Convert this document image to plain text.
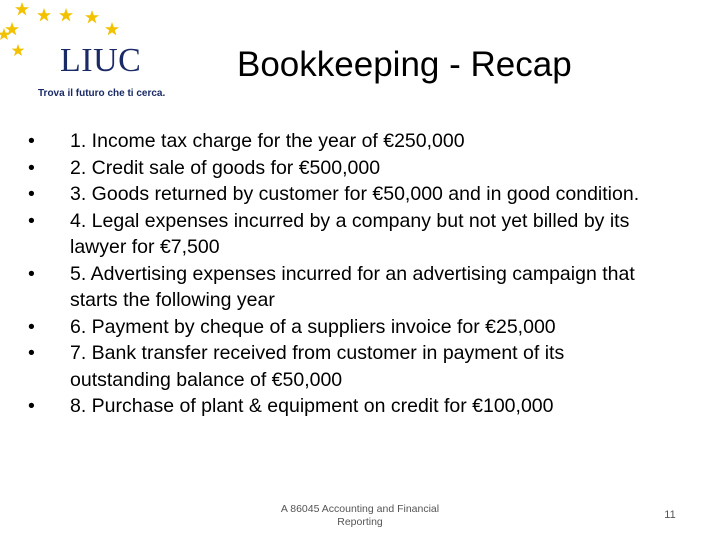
LIUC
Trova il futuro che ti cerca.
Bookkeeping - Recap
• 1. Income tax charge for the year of €250,000
• 2. Credit sale of goods for €500,000
• 3. Goods returned by customer for €50,000 and in good condition.
• 4. Legal expenses incurred by a company but not yet billed by its lawyer for €7,500
• 5. Advertising expenses incurred for an advertising campaign that starts the following year
• 6. Payment by cheque of a suppliers invoice for €25,000
• 7. Bank transfer received from customer in payment of its outstanding balance of €50,000
• 8. Purchase of plant & equipment on credit for €100,000
A 86045 Accounting and Financial Reporting
11
